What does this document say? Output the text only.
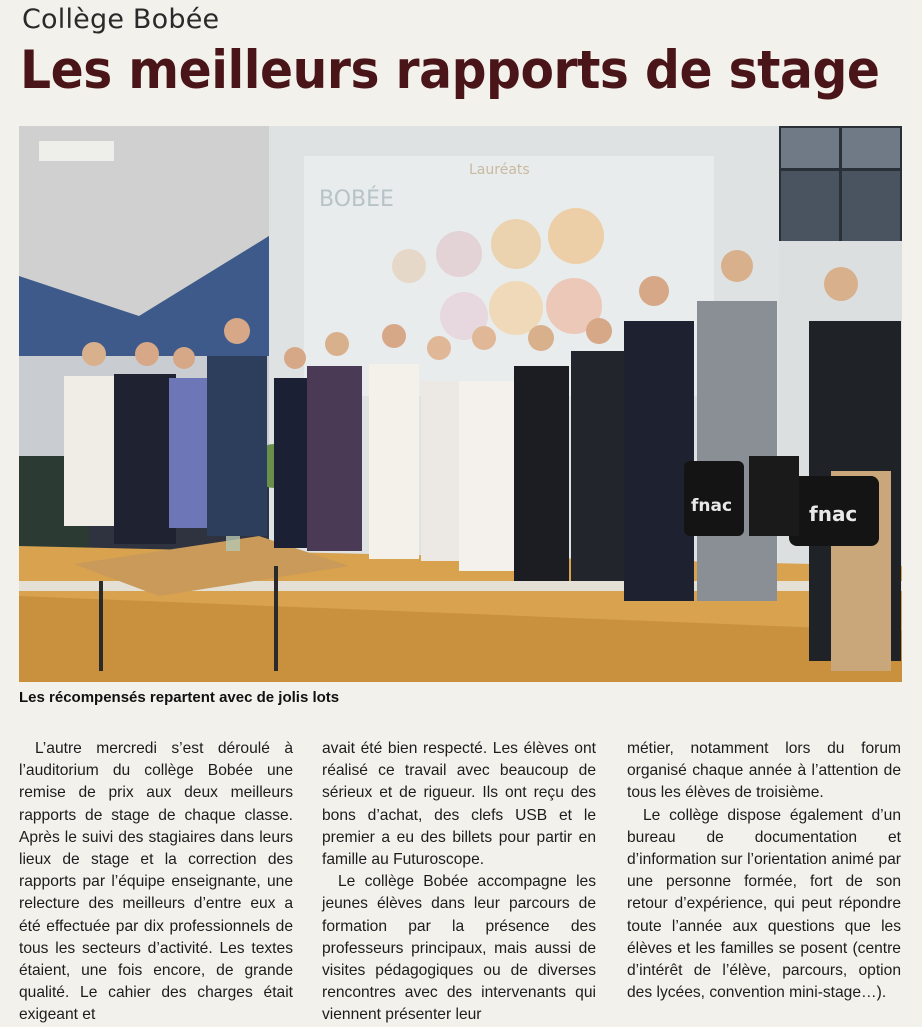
Collège Bobée
Les meilleurs rapports de stage
BOBÉE
Lauréats
fnac	fnac
Les récompensés repartent avec de jolis lots

L’autre mercredi s’est déroulé à l’auditorium du collège Bobée une remise de prix aux deux meilleurs rapports de stage de chaque classe. Après le suivi des stagiaires dans leurs lieux de stage et la correction des rapports par l’équipe enseignante, une relecture des meilleurs d’entre eux a été effectuée par dix professionnels de tous les secteurs d’activité. Les textes étaient, une fois encore, de grande qualité. Le cahier des charges était exigeant et

avait été bien respecté. Les élèves ont réalisé ce travail avec beaucoup de sérieux et de rigueur. Ils ont reçu des bons d’achat, des clefs USB et le premier a eu des billets pour partir en famille au Futuroscope.

Le collège Bobée accompagne les jeunes élèves dans leur parcours de formation par la présence des professeurs principaux, mais aussi de visites pédagogiques ou de diverses rencontres avec des intervenants qui viennent présenter leur

métier, notamment lors du forum organisé chaque année à l’attention de tous les élèves de troisième.

Le collège dispose également d’un bureau de documentation et d’information sur l’orientation animé par une personne formée, fort de son retour d’expérience, qui peut répondre toute l’année aux questions que les élèves et les familles se posent (centre d’intérêt de l’élève, parcours, option des lycées, convention mini-stage…).
